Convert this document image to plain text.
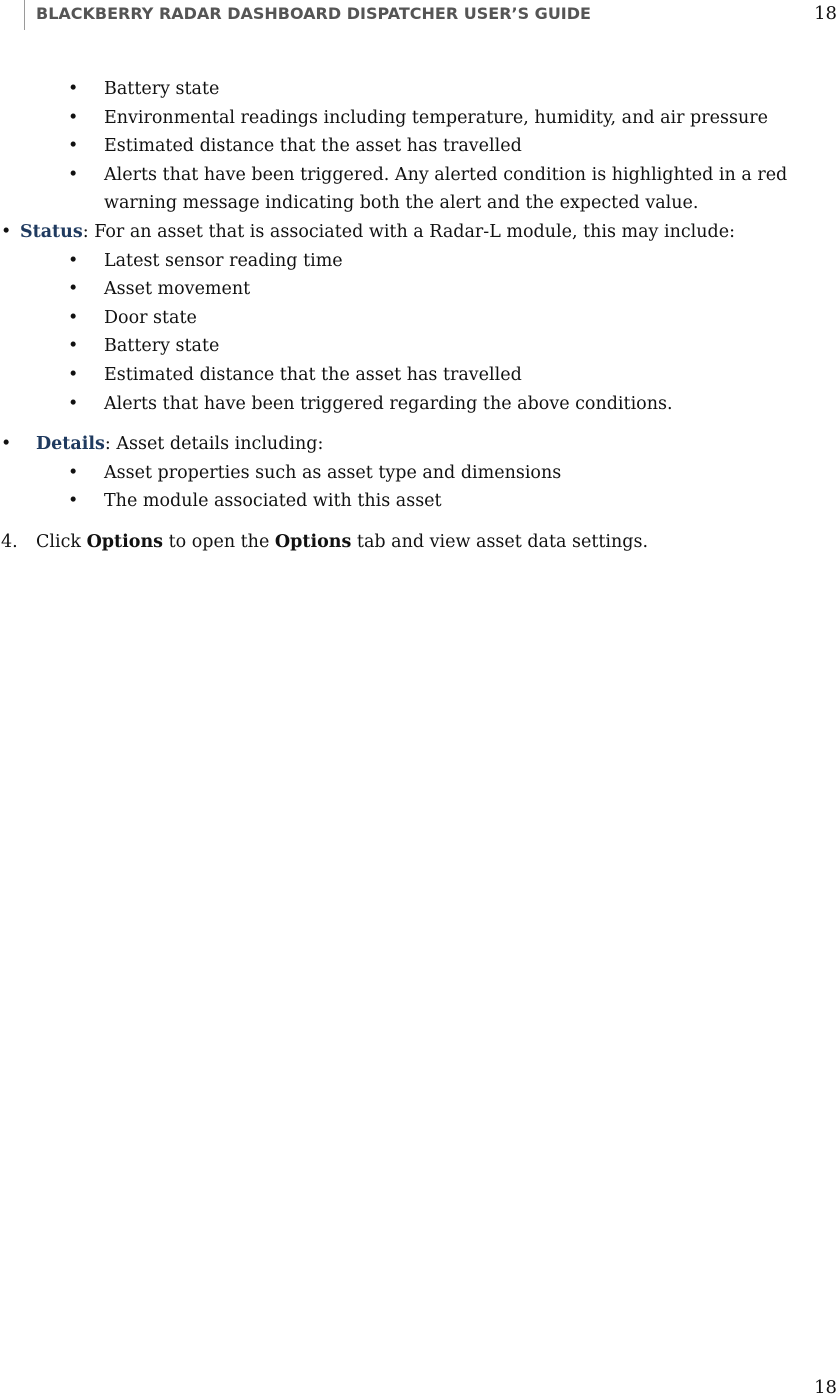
BLACKBERRY RADAR DASHBOARD DISPATCHER USER’S GUIDE	18
• Battery state
• Environmental readings including temperature, humidity, and air pressure
• Estimated distance that the asset has travelled
• Alerts that have been triggered. Any alerted condition is highlighted in a red warning message indicating both the alert and the expected value.
• Status: For an asset that is associated with a Radar-L module, this may include:
• Latest sensor reading time
• Asset movement
• Door state
• Battery state
• Estimated distance that the asset has travelled
• Alerts that have been triggered regarding the above conditions.
• Details: Asset details including:
• Asset properties such as asset type and dimensions
• The module associated with this asset
4. Click Options to open the Options tab and view asset data settings.
18
